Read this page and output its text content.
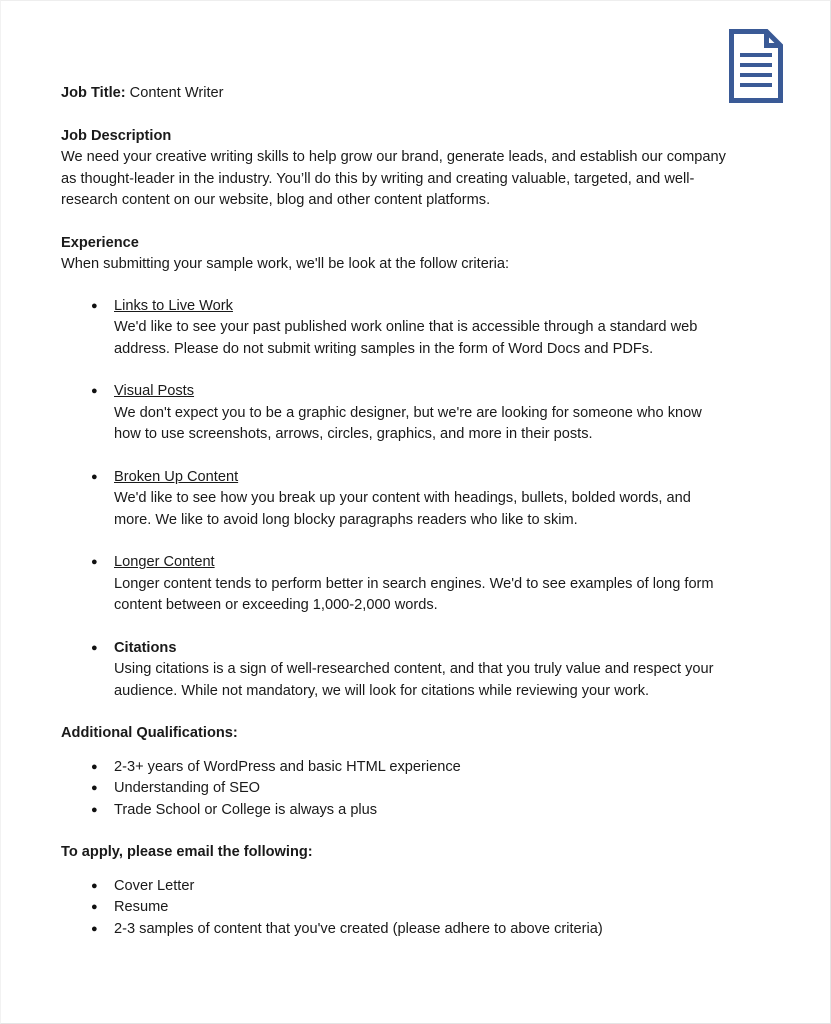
Job Title: Content Writer

Job Description

We need your creative writing skills to help grow our brand, generate leads, and establish our company as thought-leader in the industry. You’ll do this by writing and creating valuable, targeted, and well-research content on our website, blog and other content platforms.

Experience

When submitting your sample work, we'll be look at the follow criteria:

● Links to Live Work
We'd like to see your past published work online that is accessible through a standard web address. Please do not submit writing samples in the form of Word Docs and PDFs.
● Visual Posts
We don't expect you to be a graphic designer, but we're are looking for someone who know how to use screenshots, arrows, circles, graphics, and more in their posts.
● Broken Up Content
We'd like to see how you break up your content with headings, bullets, bolded words, and more. We like to avoid long blocky paragraphs readers who like to skim.
● Longer Content
Longer content tends to perform better in search engines. We'd to see examples of long form content between or exceeding 1,000-2,000 words.
● Citations
Using citations is a sign of well-researched content, and that you truly value and respect your audience. While not mandatory, we will look for citations while reviewing your work.

Additional Qualifications:

● 2-3+ years of WordPress and basic HTML experience
● Understanding of SEO
● Trade School or College is always a plus

To apply, please email the following:

● Cover Letter
● Resume
● 2-3 samples of content that you've created (please adhere to above criteria)
